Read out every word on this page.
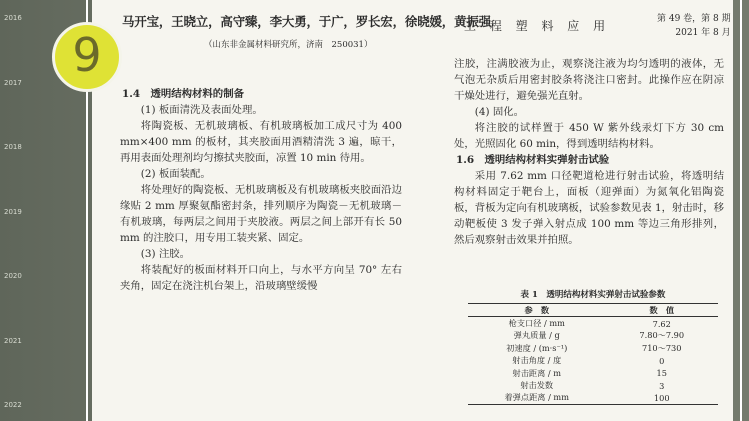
2016
2017
2018
2019
2020
2021
2022
马开宝，王晓立，高守臻，李大勇，于广，罗长宏，徐晓媛，黄振强
（山东非金属材料研究所，济南　250031）
工 程 塑 料 应 用	第 49 卷，第 8 期
2021 年 8 月

1.4　透明结构材料的制备

(1) 板面清洗及表面处理。

将陶瓷板、无机玻璃板、有机玻璃板加工成尺寸为 400 mm×400 mm 的板材，其夹胶面用酒精清洗 3 遍，晾干，再用表面处理剂均匀擦拭夹胶面，凉置 10 min 待用。

(2) 板面装配。

将处理好的陶瓷板、无机玻璃板及有机玻璃板夹胶面沿边缘贴 2 mm 厚聚氨酯密封条，排列顺序为陶瓷－无机玻璃－有机玻璃，每两层之间用于夹胶液。两层之间上部开有长 50 mm 的注胶口，用专用工装夹紧、固定。

(3) 注胶。

将装配好的板面材料开口向上，与水平方向呈 70° 左右夹角，固定在浇注机台架上，沿玻璃壁缓慢

注胶，注满胶液为止，观察浇注液为均匀透明的液体，无气泡无杂质后用密封胶条将浇注口密封。此操作应在阴凉干燥处进行，避免强光直射。

(4) 固化。

将注胶的试样置于 450 W 紫外线汞灯下方 30 cm 处，光照固化 60 min，得到透明结构材料。

1.6　透明结构材料实弹射击试验

采用 7.62 mm 口径靶道枪进行射击试验，将透明结构材料固定于靶台上，面板（迎弹面）为氮氧化铝陶瓷板，背板为定向有机玻璃板，试验参数见表 1，射击时，移动靶板使 3 发子弹入射点成 100 mm 等边三角形排列，然后观察射击效果并拍照。

表 1　透明结构材料实弹射击试验参数
参　数	数　值
枪支口径 / mm	7.62
弹丸质量 / g	7.80～7.90
初速度 / (m·s⁻¹)	710～730
射击角度 / 度	0
射击距离 / m	15
射击发数	3
着弹点距离 / mm	100
9
